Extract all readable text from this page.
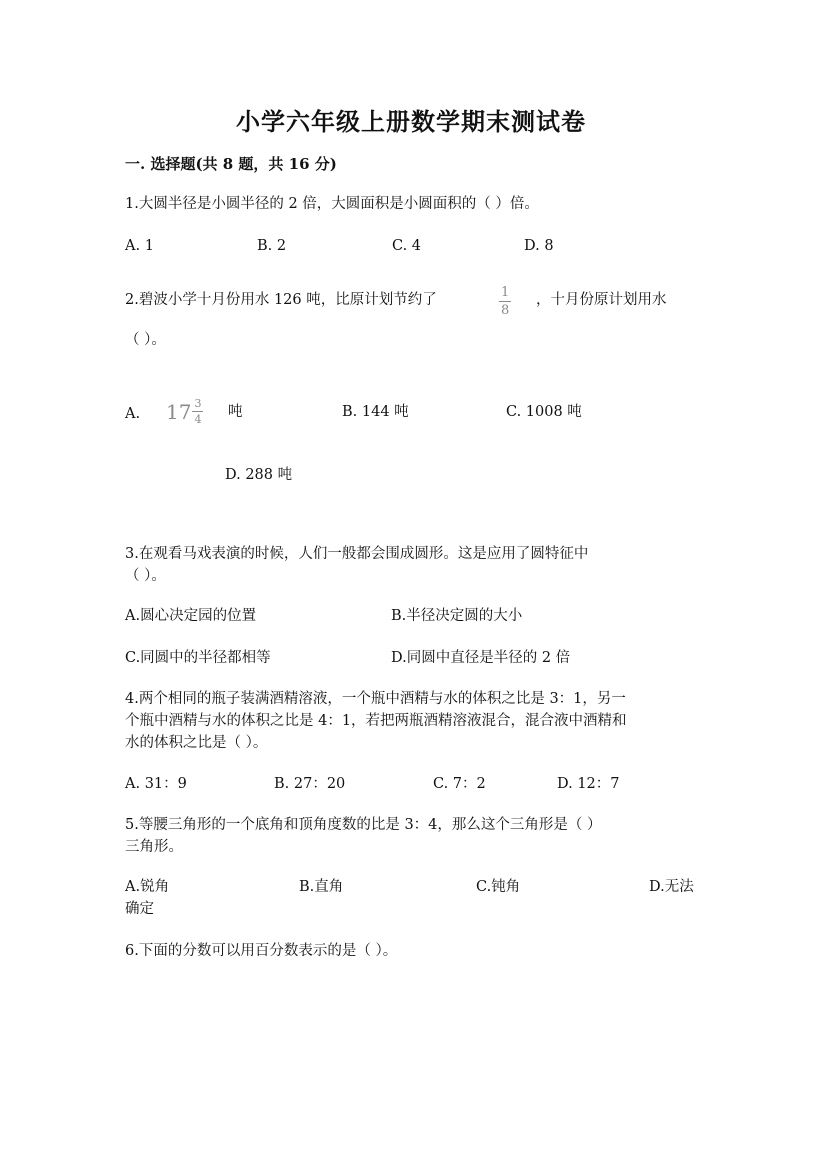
小学六年级上册数学期末测试卷
一. 选择题(共 8 题，共 16 分)
1.大圆半径是小圆半径的 2 倍，大圆面积是小圆面积的（ ）倍。
A. 1	B. 2	C. 4	D. 8
2.碧波小学十月份用水 126 吨，比原计划节约了	1
8
，十月份原计划用水
（ ）。
A. $17 \frac{3}{4}$ 吨	B. 144 吨	C. 1008 吨
D. 288 吨
3.在观看马戏表演的时候，人们一般都会围成圆形。这是应用了圆特征中
（ ）。
A.圆心决定园的位置	B.半径决定圆的大小
C.同圆中的半径都相等	D.同圆中直径是半径的 2 倍
4.两个相同的瓶子装满酒精溶液，一个瓶中酒精与水的体积之比是 3：1，另一
个瓶中酒精与水的体积之比是 4：1，若把两瓶酒精溶液混合，混合液中酒精和
水的体积之比是（ ）。
A. 31：9	B. 27：20	C. 7：2	D. 12：7
5.等腰三角形的一个底角和顶角度数的比是 3：4，那么这个三角形是（ ）
三角形。
A.锐角	B.直角	C.钝角	D.无法
确定
6.下面的分数可以用百分数表示的是（ ）。
